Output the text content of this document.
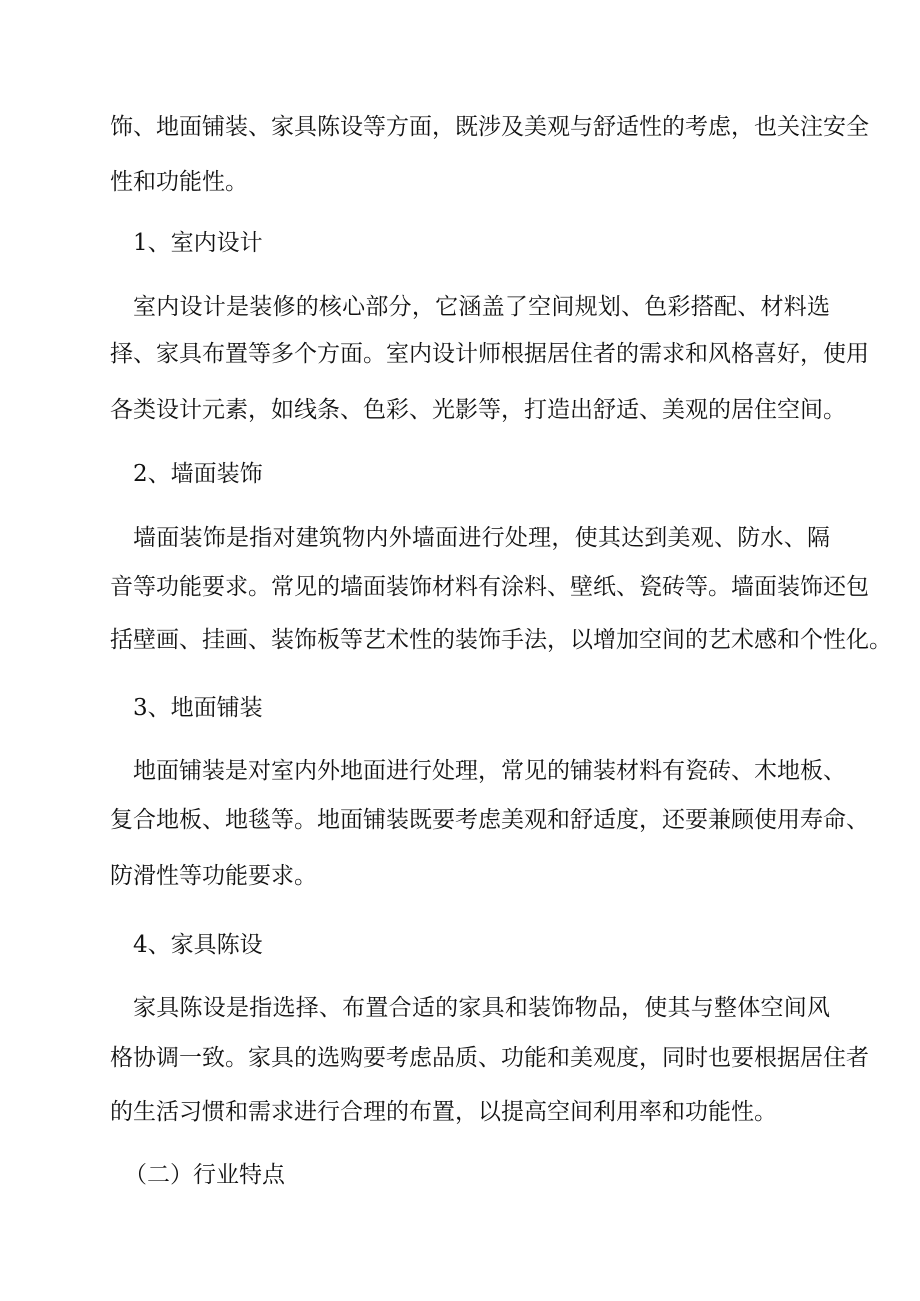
饰、地面铺装、家具陈设等方面，既涉及美观与舒适性的考虑，也关注安全
性和功能性。
1、室内设计
室内设计是装修的核心部分，它涵盖了空间规划、色彩搭配、材料选
择、家具布置等多个方面。室内设计师根据居住者的需求和风格喜好，使用
各类设计元素，如线条、色彩、光影等，打造出舒适、美观的居住空间。
2、墙面装饰
墙面装饰是指对建筑物内外墙面进行处理，使其达到美观、防水、隔
音等功能要求。常见的墙面装饰材料有涂料、壁纸、瓷砖等。墙面装饰还包
括壁画、挂画、装饰板等艺术性的装饰手法，以增加空间的艺术感和个性化。
3、地面铺装
地面铺装是对室内外地面进行处理，常见的铺装材料有瓷砖、木地板、
复合地板、地毯等。地面铺装既要考虑美观和舒适度，还要兼顾使用寿命、
防滑性等功能要求。
4、家具陈设
家具陈设是指选择、布置合适的家具和装饰物品，使其与整体空间风
格协调一致。家具的选购要考虑品质、功能和美观度，同时也要根据居住者
的生活习惯和需求进行合理的布置，以提高空间利用率和功能性。
（二）行业特点
